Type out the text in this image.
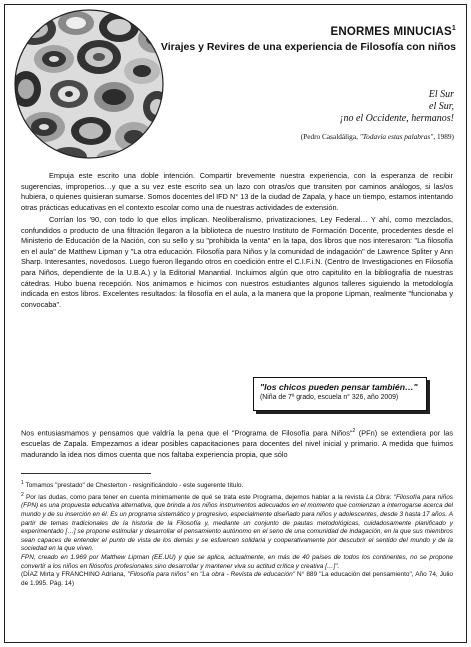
ENORMES MINUCIAS$^1$
Virajes y Revires de una experiencia de Filosofía con niños
El Sur
el Sur,
¡no el Occidente, hermanos!
(Pedro Casaldáliga, "Todavía estas palabras", 1989)

Empuja este escrito una doble intención. Compartir brevemente nuestra experiencia, con la esperanza de recibir sugerencias, improperios…y que a su vez este escrito sea un lazo con otras/os que transiten por caminos análogos, si las/os hubiera, o quienes quisieran sumarse. Somos docentes del IFD N° 13 de la ciudad de Zapala, y hace un tiempo, estamos intentando otras prácticas educativas en el contexto escolar como una de nuestras actividades de extensión.

Corrían los '90, con todo lo que ellos implican. Neoliberalismo, privatizaciones, Ley Federal… Y ahí, como mezclados, confundidos o producto de una filtración llegaron a la biblioteca de nuestro Instituto de Formación Docente, procedentes desde el Ministerio de Educación de la Nación, con su sello y su "prohibida la venta" en la tapa, dos libros que nos interesaron: "La filosofía en el aula" de Matthew Lipman y "La otra educación. Filosofía para Niños y la comunidad de indagación" de Lawrence Spliter y Ann Sharp. Interesantes, novedosos. Luego fueron llegando otros en coedición entre el C.I.F.i.N. (Centro de Investigaciones en Filosofía para Niños, dependiente de la U.B.A.) y la Editorial Manantial. Incluimos algún que otro capitulito en la bibliografía de nuestras cátedras. Hubo buena recepción. Nos animamos e hicimos con nuestros estudiantes algunos talleres siguiendo la metodología indicada en estos libros. Excelentes resultados: la filosofía en el aula, a la manera que la propone Lipman, realmente "funcionaba y convocaba".

"los chicos pueden pensar también…"
(Niña de 7º grado, escuela n° 326, año 2009)

Nos entusiasmamos y pensamos que valdría la pena que el "Programa de Filosofía para Niños"$^2$ (PFn) se extendiera por las escuelas de Zapala. Empezamos a idear posibles capacitaciones para docentes del nivel inicial y primario. A medida que fuimos madurando la idea nos dimos cuenta que nos faltaba experiencia propia, que sólo

$^1$ Tomamos "prestado" de Chesterton - resignificándolo - este sugerente título.

$^2$ Por las dudas, como para tener en cuenta mínimamente de qué se trata este Programa, dejemos hablar a la revista La Obra: "Filosofía para niños (FPN) es una propuesta educativa alternativa, que brinda a los niños instrumentos adecuados en el momento que comienzan a interrogarse acerca del mundo y de su inserción en él. Es un programa sistemático y progresivo, especialmente diseñado para niños y adolescentes, desde 3 hasta 17 años. A partir de temas tradicionales de la historia de la Filosofía y, mediante un conjunto de pautas metodológicas, cuidadosamente planificado y experimentado […] se propone estimular y desarrollar el pensamiento autónomo en el seno de una comunidad de indagación, en la que sus miembros sean capaces de entender el punto de vista de los demás y se esfuercen solidaria y cooperativamente por descubrir el sentido del mundo y de la sociedad en la que viven.

FPN, creado en 1.969 por Matthew Lipman (EE.UU) y que se aplica, actualmente, en más de 40 países de todos los continentes, no se propone convertir a los niños en filósofos profesionales sino desarrollar y mantener viva su actitud crítica y creativa […]".

(DÍAZ Mirta y FRANCHINO Adriana, "Filosofía para niños" en "La obra - Revista de educación" N° 889 "La educación del pensamiento", Año 74, Julio de 1.995. Pág. 14)
